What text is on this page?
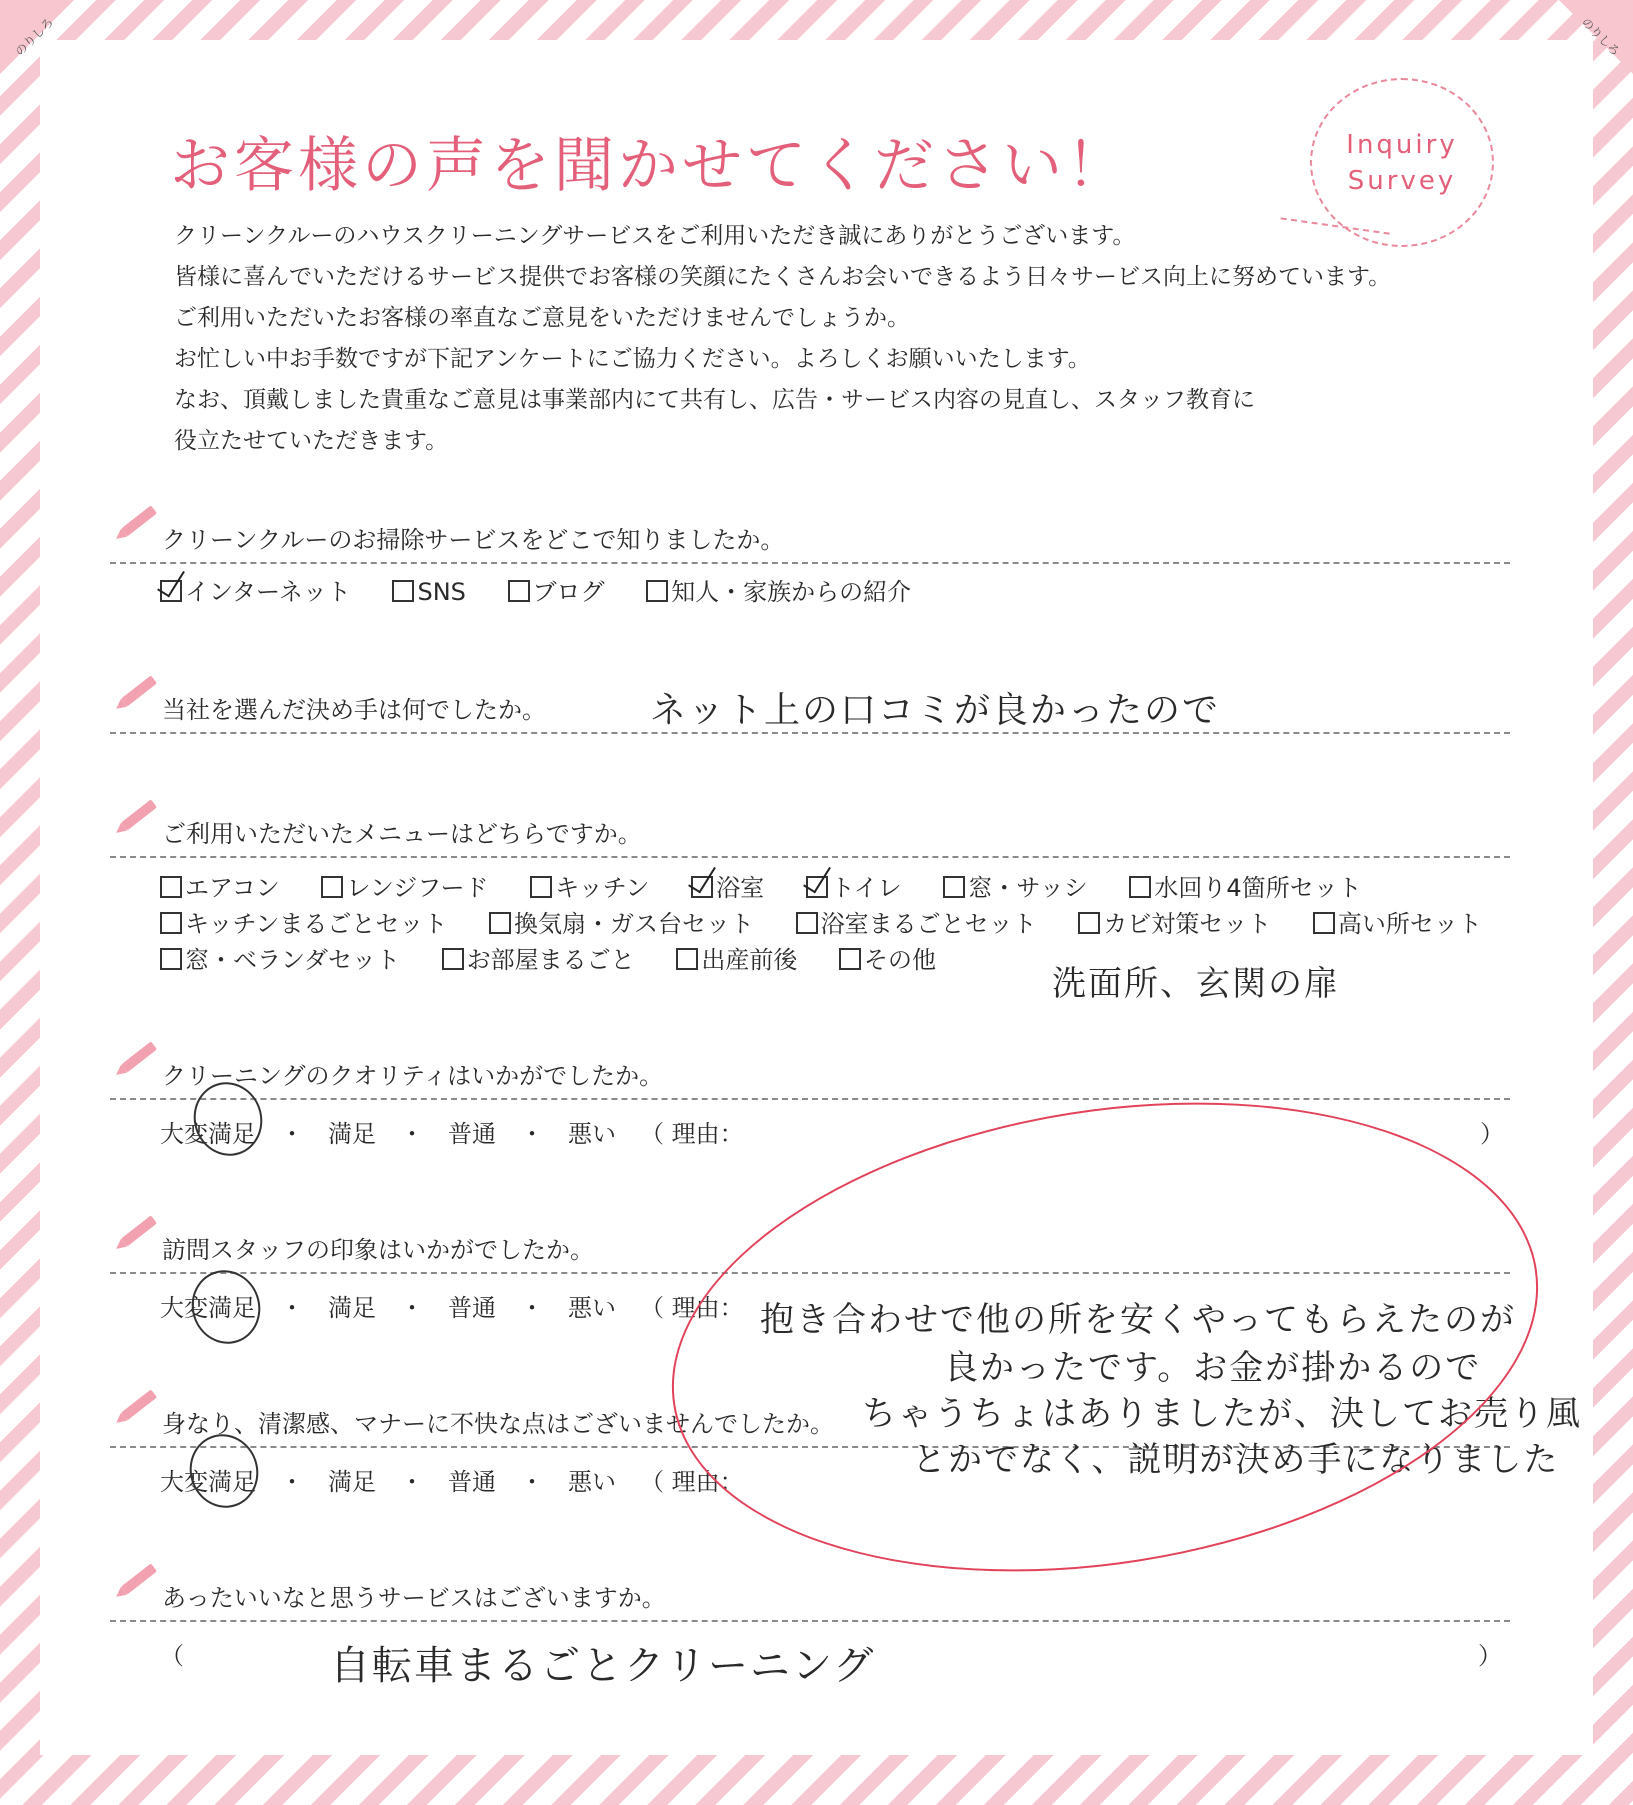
のりしろ	のりしろ
お客様の声を聞かせてください！	Inquiry
Survey
クリーンクルーのハウスクリーニングサービスをご利用いただき誠にありがとうございます。
皆様に喜んでいただけるサービス提供でお客様の笑顔にたくさんお会いできるよう日々サービス向上に努めています。
ご利用いただいたお客様の率直なご意見をいただけませんでしょうか。
お忙しい中お手数ですが下記アンケートにご協力ください。よろしくお願いいたします。
なお、頂戴しました貴重なご意見は事業部内にて共有し、広告・サービス内容の見直し、スタッフ教育に
役立たせていただきます。
クリーンクルーのお掃除サービスをどこで知りましたか。
インターネット	SNS	ブログ	知人・家族からの紹介
当社を選んだ決め手は何でしたか。	ネット上の口コミが良かったので
ご利用いただいたメニューはどちらですか。
エアコン	レンジフード	キッチン	浴室	トイレ	窓・サッシ	水回り4箇所セット
キッチンまるごとセット	換気扇・ガス台セット	浴室まるごとセット	カビ対策セット	高い所セット
窓・ベランダセット	お部屋まるごと	出産前後	その他
洗面所、玄関の扉
クリーニングのクオリティはいかがでしたか。
大変満足 ・ 満足 ・ 普通 ・ 悪い （ 理由：	）
訪問スタッフの印象はいかがでしたか。
大変満足 ・ 満足 ・ 普通 ・ 悪い （ 理由：
身なり、清潔感、マナーに不快な点はございませんでしたか。
大変満足 ・ 満足 ・ 普通 ・ 悪い （ 理由：
抱き合わせで他の所を安くやってもらえたのが
良かったです。お金が掛かるので
ちゃうちょはありましたが、決してお売り風
とかでなく、説明が決め手になりました
あったいいなと思うサービスはございますか。
（	）
自転車まるごとクリーニング
